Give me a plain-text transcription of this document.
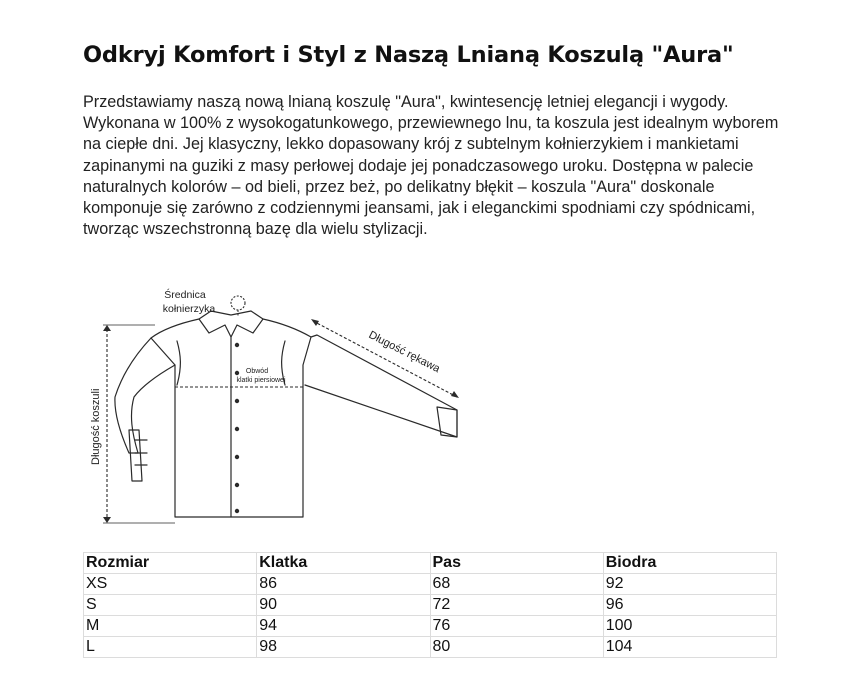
Odkryj Komfort i Styl z Naszą Lnianą Koszulą "Aura"

Przedstawiamy naszą nową lnianą koszulę "Aura", kwintesencję letniej elegancji i wygody. Wykonana w 100% z wysokogatunkowego, przewiewnego lnu, ta koszula jest idealnym wyborem na ciepłe dni. Jej klasyczny, lekko dopasowany krój z subtelnym kołnierzykiem i mankietami zapinanymi na guziki z masy perłowej dodaje jej ponadczasowego uroku. Dostępna w palecie naturalnych kolorów – od bieli, przez beż, po delikatny błękit – koszula "Aura" doskonale komponuje się zarówno z codziennymi jeansami, jak i eleganckimi spodniami czy spódnicami, tworząc wszechstronną bazę dla wielu stylizacji.

Średnica
kołnierzyka
Długość rękawa
Obwód
klatki piersiowej
Długość koszuli
Rozmiar	Klatka	Pas	Biodra
XS	86	68	92
S	90	72	96
M	94	76	100
L	98	80	104
